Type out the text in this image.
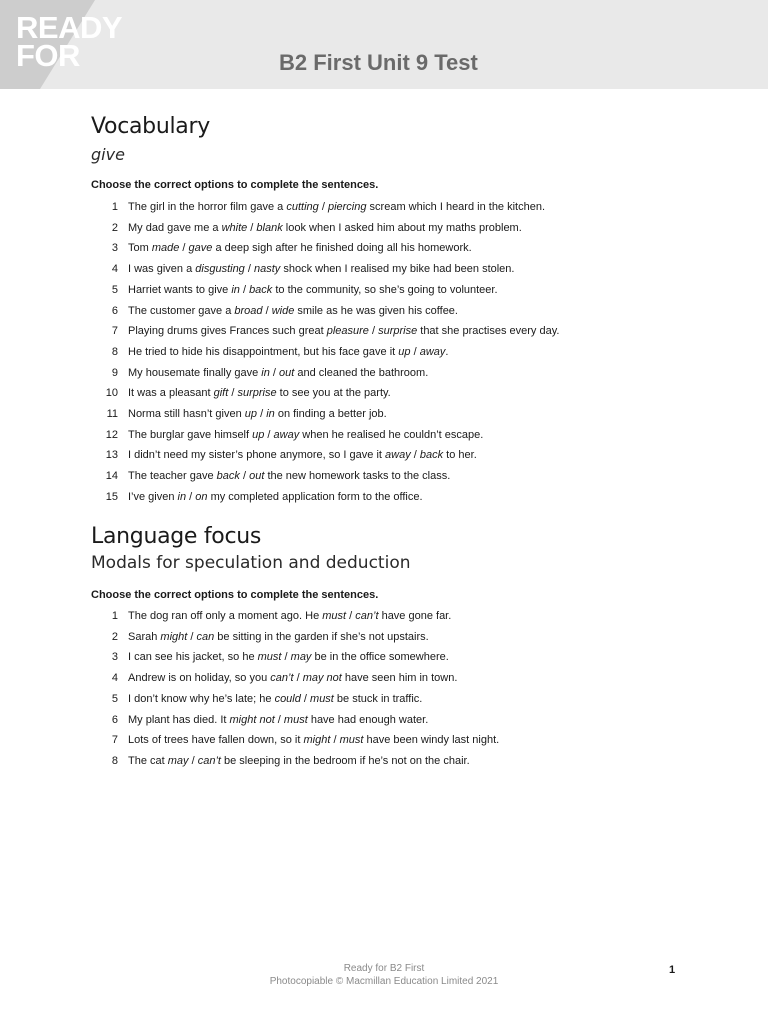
READY
FOR	B2 First Unit 9 Test
Vocabulary
give
Choose the correct options to complete the sentences.
1 The girl in the horror film gave a cutting / piercing scream which I heard in the kitchen.
2 My dad gave me a white / blank look when I asked him about my maths problem.
3 Tom made / gave a deep sigh after he finished doing all his homework.
4 I was given a disgusting / nasty shock when I realised my bike had been stolen.
5 Harriet wants to give in / back to the community, so she’s going to volunteer.
6 The customer gave a broad / wide smile as he was given his coffee.
7 Playing drums gives Frances such great pleasure / surprise that she practises every day.
8 He tried to hide his disappointment, but his face gave it up / away.
9 My housemate finally gave in / out and cleaned the bathroom.
10 It was a pleasant gift / surprise to see you at the party.
11 Norma still hasn’t given up / in on finding a better job.
12 The burglar gave himself up / away when he realised he couldn’t escape.
13 I didn’t need my sister’s phone anymore, so I gave it away / back to her.
14 The teacher gave back / out the new homework tasks to the class.
15 I’ve given in / on my completed application form to the office.
Language focus
Modals for speculation and deduction
Choose the correct options to complete the sentences.
1 The dog ran off only a moment ago. He must / can’t have gone far.
2 Sarah might / can be sitting in the garden if she’s not upstairs.
3 I can see his jacket, so he must / may be in the office somewhere.
4 Andrew is on holiday, so you can’t / may not have seen him in town.
5 I don’t know why he’s late; he could / must be stuck in traffic.
6 My plant has died. It might not / must have had enough water.
7 Lots of trees have fallen down, so it might / must have been windy last night.
8 The cat may / can’t be sleeping in the bedroom if he’s not on the chair.
Ready for B2 First
Photocopiable © Macmillan Education Limited 2021
1
